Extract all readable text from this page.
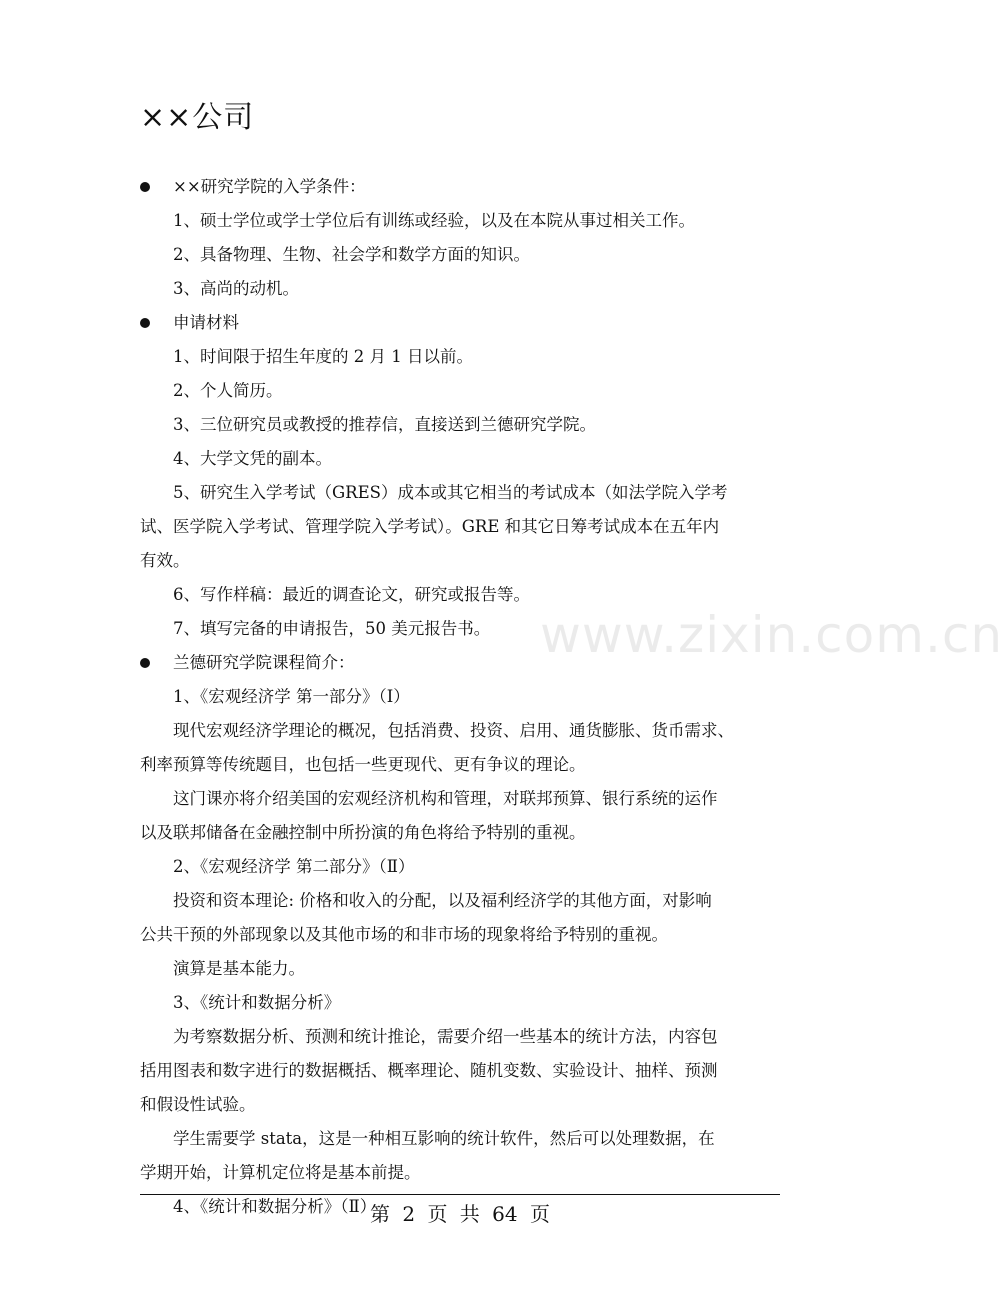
××公司
www.zixin.com.cn
××研究学院的入学条件：
1、硕士学位或学士学位后有训练或经验，以及在本院从事过相关工作。
2、具备物理、生物、社会学和数学方面的知识。
3、高尚的动机。
申请材料
1、时间限于招生年度的 2 月 1 日以前。
2、个人简历。
3、三位研究员或教授的推荐信，直接送到兰德研究学院。
4、大学文凭的副本。
5、研究生入学考试（GRES）成本或其它相当的考试成本（如法学院入学考
试、医学院入学考试、管理学院入学考试）。GRE 和其它日筹考试成本在五年内
有效。
6、写作样稿：最近的调查论文，研究或报告等。
7、填写完备的申请报告，50 美元报告书。
兰德研究学院课程简介：
1、《宏观经济学 第一部分》（Ⅰ）
现代宏观经济学理论的概况，包括消费、投资、启用、通货膨胀、货币需求、
利率预算等传统题目，也包括一些更现代、更有争议的理论。
这门课亦将介绍美国的宏观经济机构和管理，对联邦预算、银行系统的运作
以及联邦储备在金融控制中所扮演的角色将给予特别的重视。
2、《宏观经济学 第二部分》（Ⅱ）
投资和资本理论: 价格和收入的分配，以及福利经济学的其他方面，对影响
公共干预的外部现象以及其他市场的和非市场的现象将给予特别的重视。
演算是基本能力。
3、《统计和数据分析》
为考察数据分析、预测和统计推论，需要介绍一些基本的统计方法，内容包
括用图表和数字进行的数据概括、概率理论、随机变数、实验设计、抽样、预测
和假设性试验。
学生需要学 stata，这是一种相互影响的统计软件，然后可以处理数据，在
学期开始，计算机定位将是基本前提。
4、《统计和数据分析》（Ⅱ）
第 2 页 共 64 页
